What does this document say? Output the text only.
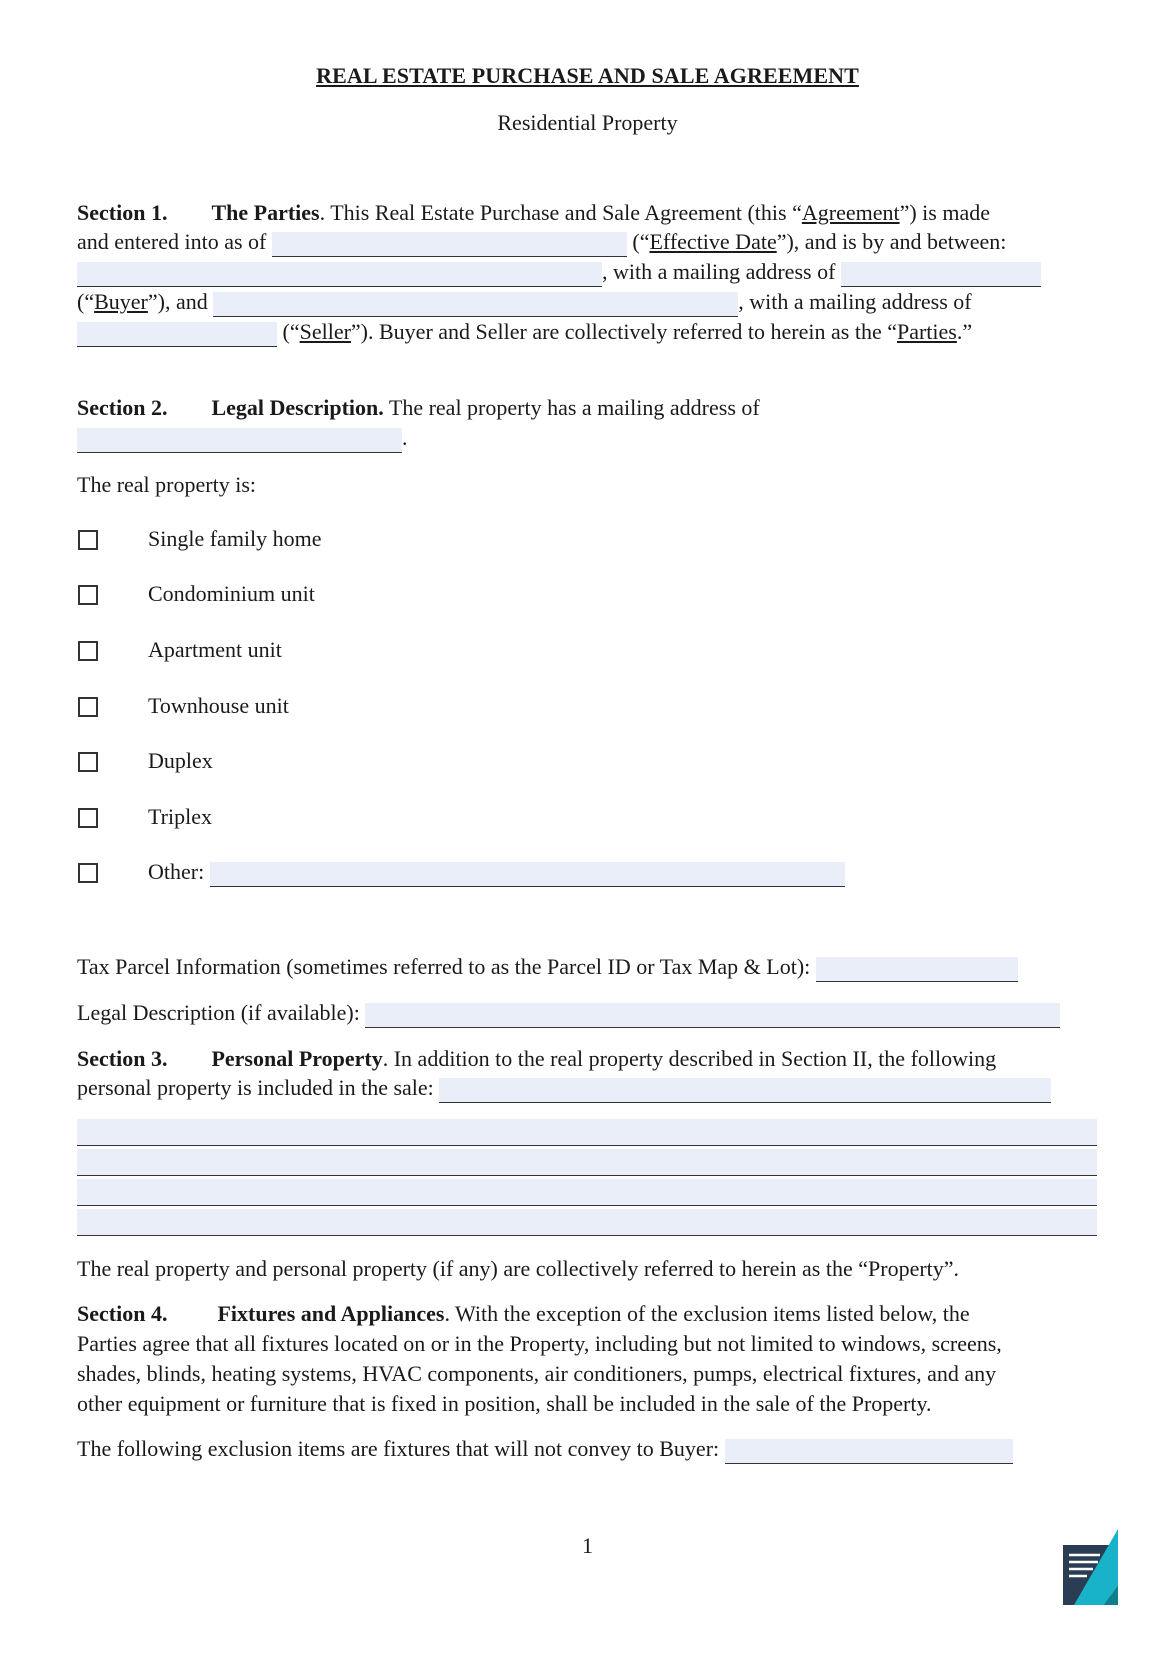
REAL ESTATE PURCHASE AND SALE AGREEMENT
Residential Property
Section 1. The Parties. This Real Estate Purchase and Sale Agreement (this “Agreement”) is made
and entered into as of	(“Effective Date”), and is by and between:
, with a mailing address of
(“Buyer”), and	, with a mailing address of
(“Seller”). Buyer and Seller are collectively referred to herein as the “Parties.”
Section 2. Legal Description. The real property has a mailing address of
.
The real property is:
Single family home
Condominium unit
Apartment unit
Townhouse unit
Duplex
Triplex
Other:
Tax Parcel Information (sometimes referred to as the Parcel ID or Tax Map & Lot):
Legal Description (if available):
Section 3. Personal Property. In addition to the real property described in Section II, the following
personal property is included in the sale:
The real property and personal property (if any) are collectively referred to herein as the “Property”.
Section 4. Fixtures and Appliances. With the exception of the exclusion items listed below, the
Parties agree that all fixtures located on or in the Property, including but not limited to windows, screens,
shades, blinds, heating systems, HVAC components, air conditioners, pumps, electrical fixtures, and any
other equipment or furniture that is fixed in position, shall be included in the sale of the Property.
The following exclusion items are fixtures that will not convey to Buyer:
1
